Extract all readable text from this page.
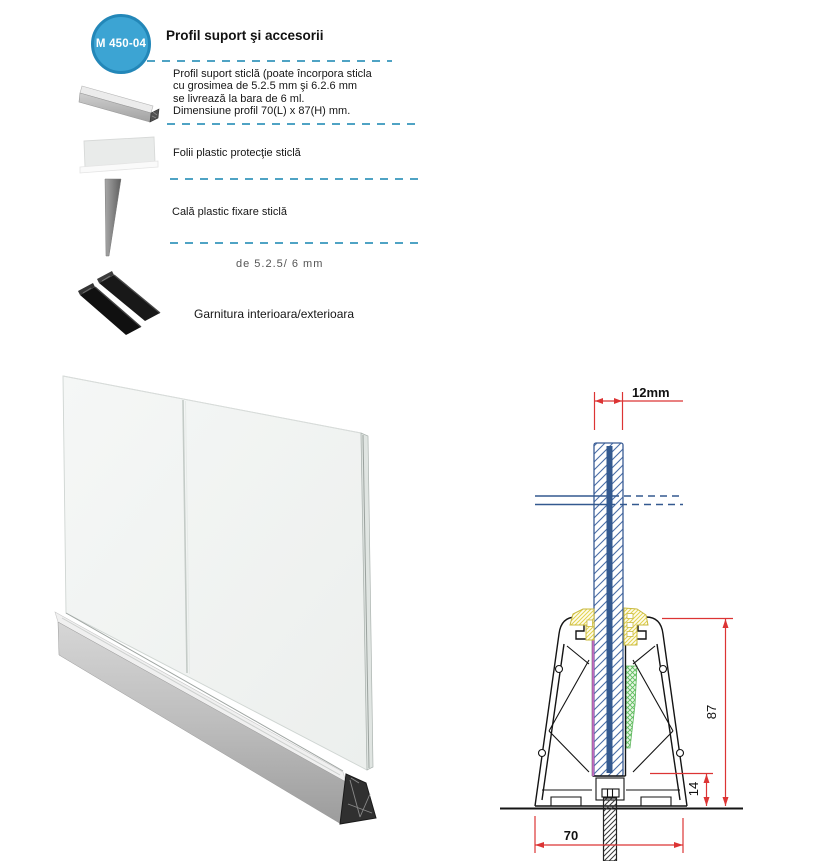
M 450-04
Profil suport şi accesorii
Profil suport sticlă (poate încorpora sticla
cu grosimea de 5.2.5 mm şi 6.2.6 mm
se livrează la bara de 6 ml.
Dimensiune profil 70(L) x 87(H) mm.
Folii plastic protecţie sticlă
Cală plastic fixare sticlă
de 5.2.5/ 6 mm
Garnitura interioara/exterioara
12mm
87
14
70
